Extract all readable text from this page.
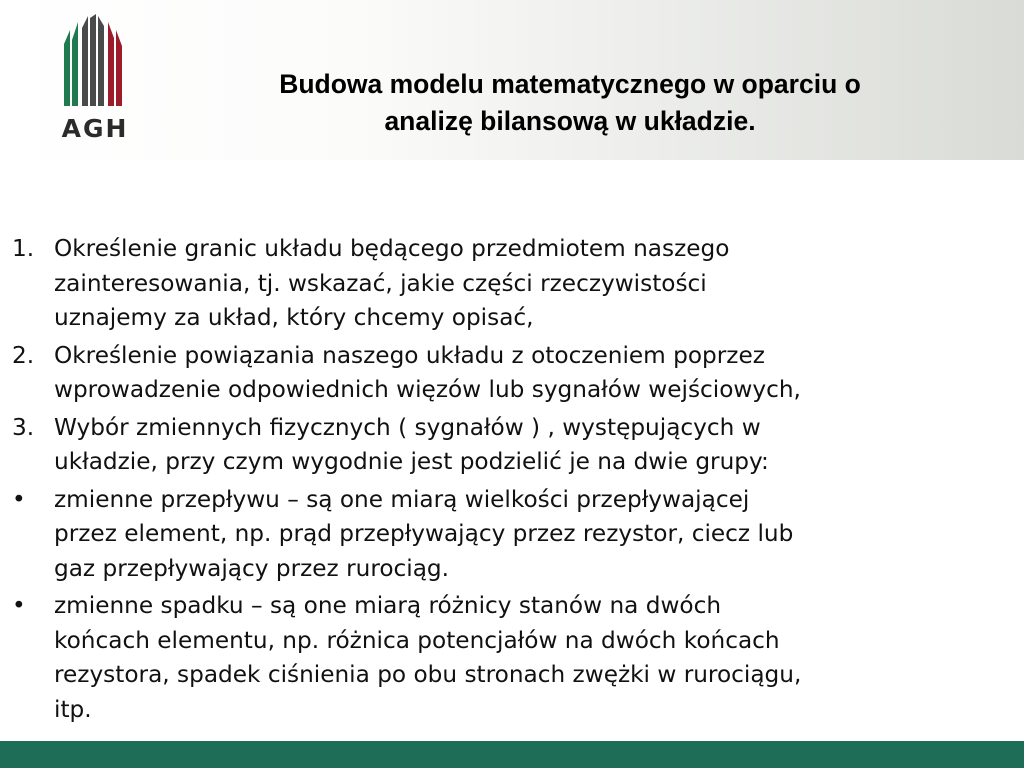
AGH
Budowa modelu matematycznego w oparciu o
analizę bilansową w układzie.
1. Określenie granic układu będącego przedmiotem naszego
zainteresowania, tj. wskazać, jakie części rzeczywistości
uznajemy za układ, który chcemy opisać,
2. Określenie powiązania naszego układu z otoczeniem poprzez
wprowadzenie odpowiednich więzów lub sygnałów wejściowych,
3. Wybór zmiennych fizycznych ( sygnałów ) , występujących w
układzie, przy czym wygodnie jest podzielić je na dwie grupy:
• zmienne przepływu – są one miarą wielkości przepływającej
przez element, np. prąd przepływający przez rezystor, ciecz lub
gaz przepływający przez rurociąg.
• zmienne spadku – są one miarą różnicy stanów na dwóch
końcach elementu, np. różnica potencjałów na dwóch końcach
rezystora, spadek ciśnienia po obu stronach zwężki w rurociągu,
itp.
